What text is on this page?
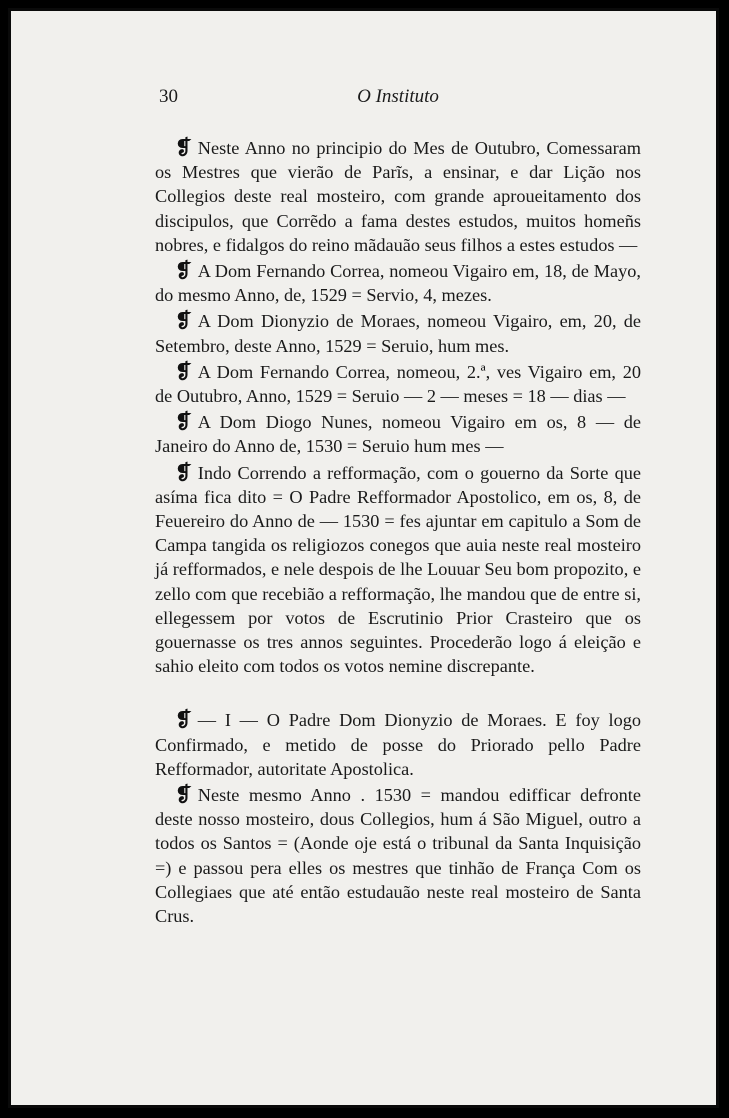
30	O Instituto

❡ Neste Anno no principio do Mes de Outubro, Comessaram os Mestres que vierão de Parĩs, a ensinar, e dar Lição nos Collegios deste real mosteiro, com grande aproueitamento dos discipulos, que Corrẽdo a fama destes estudos, muitos homeñs nobres, e fidalgos do reino mãdauão seus filhos a estes estudos —

❡ A Dom Fernando Correa, nomeou Vigairo em, 18, de Mayo, do mesmo Anno, de, 1529 = Servio, 4, mezes.

❡ A Dom Dionyzio de Moraes, nomeou Vigairo, em, 20, de Setembro, deste Anno, 1529 = Seruio, hum mes.

❡ A Dom Fernando Correa, nomeou, 2.ª, ves Vigairo em, 20 de Outubro, Anno, 1529 = Seruio — 2 — meses = 18 — dias —

❡ A Dom Diogo Nunes, nomeou Vigairo em os, 8 — de Janeiro do Anno de, 1530 = Seruio hum mes —

❡ Indo Correndo a refformação, com o gouerno da Sorte que asíma fica dito = O Padre Refformador Apostolico, em os, 8, de Feuereiro do Anno de — 1530 = fes ajuntar em capitulo a Som de Campa tangida os religiozos conegos que auia neste real mosteiro já refformados, e nele despois de lhe Louuar Seu bom propozito, e zello com que recebião a refformação, lhe mandou que de entre si, ellegessem por votos de Escrutinio Prior Crasteiro que os gouernasse os tres annos seguintes. Procederão logo á eleição e sahio eleito com todos os votos nemine discrepante.

❡ — I — O Padre Dom Dionyzio de Moraes. E foy logo Confirmado, e metido de posse do Priorado pello Padre Refformador, autoritate Apostolica.

❡ Neste mesmo Anno . 1530 = mandou edifficar defronte deste nosso mosteiro, dous Collegios, hum á São Miguel, outro a todos os Santos = (Aonde oje está o tribunal da Santa Inquisição =) e passou pera elles os mestres que tinhão de França Com os Collegiaes que até então estudauão neste real mosteiro de Santa Crus.
